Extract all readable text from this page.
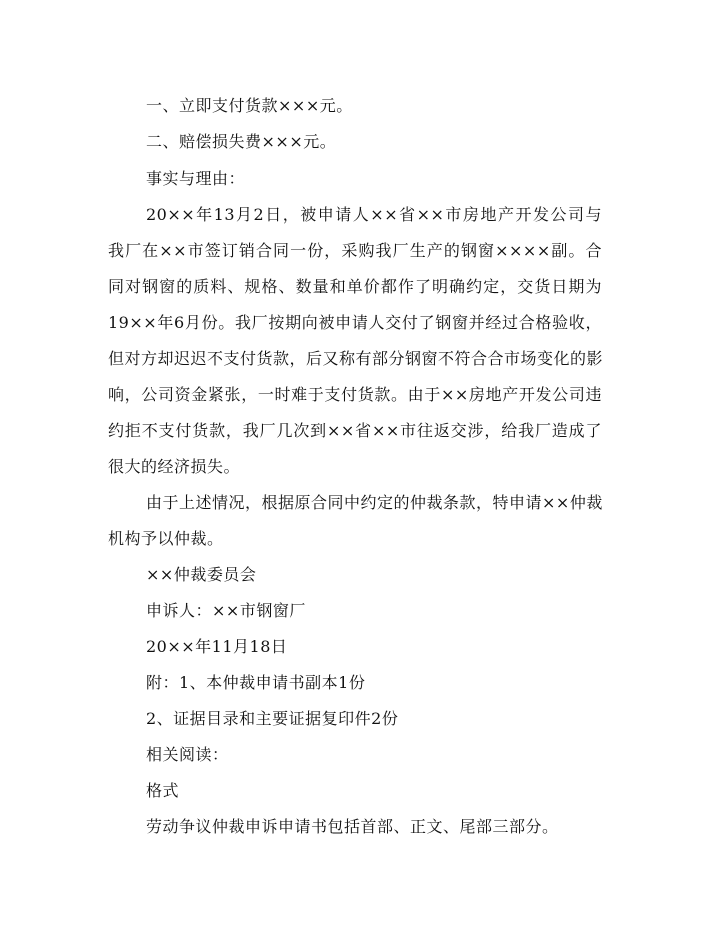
一、立即支付货款×××元。
二、赔偿损失费×××元。
事实与理由：
20××年13月2日，被申请人××省××市房地产开发公司与
我厂在××市签订销合同一份，采购我厂生产的钢窗××××副。合
同对钢窗的质料、规格、数量和单价都作了明确约定，交货日期为
19××年6月份。我厂按期向被申请人交付了钢窗并经过合格验收，
但对方却迟迟不支付货款，后又称有部分钢窗不符合合市场变化的影
响，公司资金紧张，一时难于支付货款。由于××房地产开发公司违
约拒不支付货款，我厂几次到××省××市往返交涉，给我厂造成了
很大的经济损失。
由于上述情况，根据原合同中约定的仲裁条款，特申请××仲裁
机构予以仲裁。
××仲裁委员会
申诉人：××市钢窗厂
20××年11月18日
附：1、本仲裁申请书副本1份
2、证据目录和主要证据复印件2份
相关阅读：
格式
劳动争议仲裁申诉申请书包括首部、正文、尾部三部分。
